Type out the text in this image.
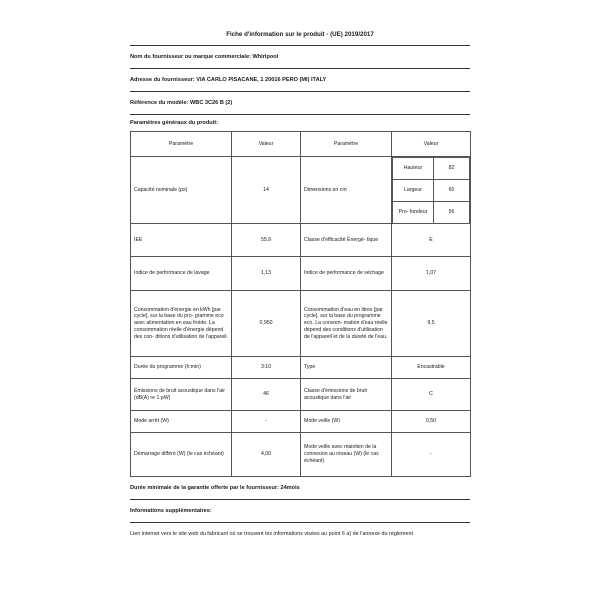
Fiche d'information sur le produit - (UE) 2019/2017
Nom du fournisseur ou marque commerciale: Whirlpool
Adresse du fournisseur: VIA CARLO PISACANE, 1 20016 PERO (MI) ITALY
Référence du modèle: WBC 3C26 B (2)
Paramètres généraux du produit:
Paramètre	Valeur	Paramètre	Valeur
Capacité nominale (ps)	14	Dimensions en cm	
Hauteur	82
Largeur	60
Pro- fondeur	56

IEE	55,9	Classe d'efficacité Énergé- tique	E
Indice de performance de lavage	1,13	Indice de performance de séchage	1,07
Consommation d'énergie en kWh [par cycle], sur la base du pro- gramme eco avec alimentation en eau froide. La consommation réelle d'énergie dépend des con- ditions d'utilisation de l'appareil.	0,950	Consommation d'eau en litres [par cycle], sur la base du programme eco. La consom- mation d'eau réelle dépend des conditions d'utilisation de l'appareil et de la dureté de l'eau.	9,5
Durée du programme (h:min)	3:10	Type	Encastrable
Émissions de bruit acoustique dans l'air (dB(A) re 1 pW)	46	Classe d'émissions de bruit acoustique dans l'air	C
Mode arrêt (W)	-	Mode veille (W)	0,50
Démarrage différé (W) (le cas échéant)	4,00	Mode veille avec maintien de la connexion au réseau (W) (le cas échéant)	-
Durée minimale de la garantie offerte par le fournisseur: 24mois
Informations supplémentaires:
Lien internet vers le site web du fabricant où se trouvent les informations visées au point 6 a) de l'annexe du règlement
